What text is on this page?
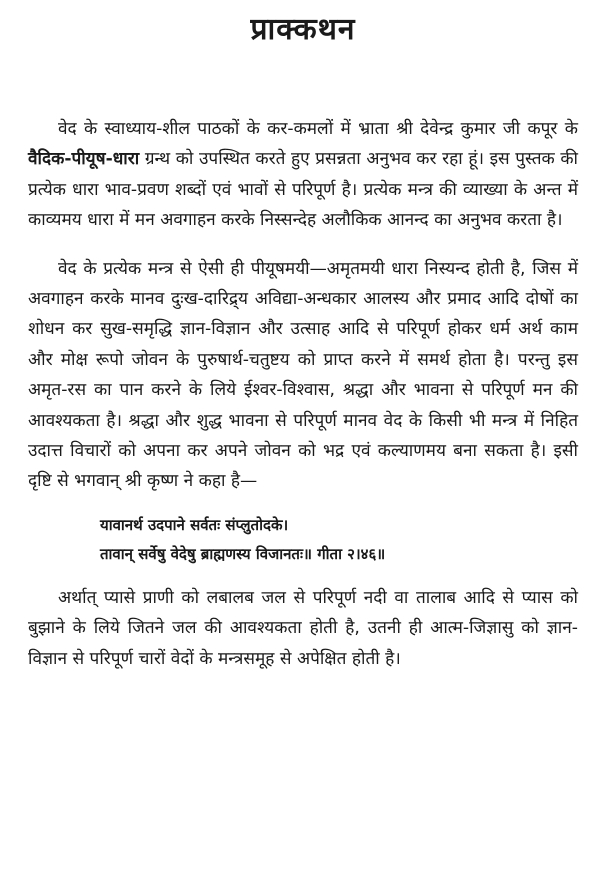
प्राक्कथन

वेद के स्वाध्याय-शील पाठकों के कर-कमलों में भ्राता श्री देवेन्द्र कुमार जी कपूर के वैदिक-पीयूष-धारा ग्रन्थ को उपस्थित करते हुए प्रसन्नता अनुभव कर रहा हूं। इस पुस्तक की प्रत्येक धारा भाव-प्रवण शब्दों एवं भावों से परिपूर्ण है। प्रत्येक मन्त्र की व्याख्या के अन्त में काव्यमय धारा में मन अवगाहन करके निस्सन्देह अलौकिक आनन्द का अनुभव करता है।

वेद के प्रत्येक मन्त्र से ऐसी ही पीयूषमयी—अमृतमयी धारा निस्यन्द होती है, जिस में अवगाहन करके मानव दुःख-दारिद्र्य अविद्या-अन्धकार आलस्य और प्रमाद आदि दोषों का शोधन कर सुख-समृद्धि ज्ञान-विज्ञान और उत्साह आदि से परिपूर्ण होकर धर्म अर्थ काम और मोक्ष रूपो जोवन के पुरुषार्थ-चतुष्टय को प्राप्त करने में समर्थ होता है। परन्तु इस अमृत-रस का पान करने के लिये ईश्वर-विश्वास, श्रद्धा और भावना से परिपूर्ण मन की आवश्यकता है। श्रद्धा और शुद्ध भावना से परिपूर्ण मानव वेद के किसी भी मन्त्र में निहित उदात्त विचारों को अपना कर अपने जोवन को भद्र एवं कल्याणमय बना सकता है। इसी दृष्टि से भगवान् श्री कृष्ण ने कहा है—

यावानर्थ उदपाने सर्वतः संप्लुतोदके।
तावान् सर्वेषु वेदेषु ब्राह्मणस्य विजानतः॥ गीता २।४६॥

अर्थात् प्यासे प्राणी को लबालब जल से परिपूर्ण नदी वा तालाब आदि से प्यास को बुझाने के लिये जितने जल की आवश्यकता होती है, उतनी ही आत्म-जिज्ञासु को ज्ञान-विज्ञान से परिपूर्ण चारों वेदों के मन्त्रसमूह से अपेक्षित होती है।
